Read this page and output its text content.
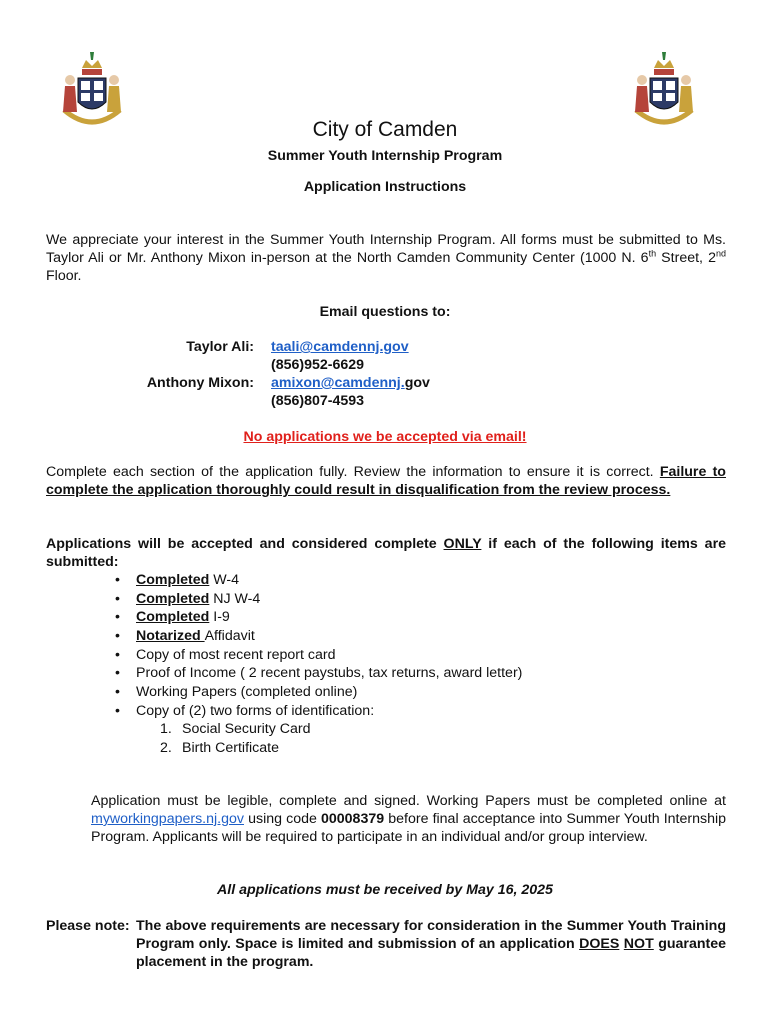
City of Camden
Summer Youth Internship Program
Application Instructions
We appreciate your interest in the Summer Youth Internship Program. All forms must be submitted to Ms. Taylor Ali or Mr. Anthony Mixon in-person at the North Camden Community Center (1000 N. 6th Street, 2nd Floor.
Email questions to:
Taylor Ali: taali@camdennj.gov
(856)952-6629
Anthony Mixon: amixon@camdennj.gov
(856)807-4593
No applications we be accepted via email!
Complete each section of the application fully. Review the information to ensure it is correct. Failure to complete the application thoroughly could result in disqualification from the review process.
Applications will be accepted and considered complete ONLY if each of the following items are submitted:
• Completed W-4
• Completed NJ W-4
• Completed I-9
• Notarized Affidavit
• Copy of most recent report card
• Proof of Income ( 2 recent paystubs, tax returns, award letter)
• Working Papers (completed online)
• Copy of (2) two forms of identification:
1. Social Security Card
2. Birth Certificate
Application must be legible, complete and signed. Working Papers must be completed online at myworkingpapers.nj.gov using code 00008379 before final acceptance into Summer Youth Internship Program. Applicants will be required to participate in an individual and/or group interview.
All applications must be received by May 16, 2025
Please note: The above requirements are necessary for consideration in the Summer Youth Training Program only. Space is limited and submission of an application DOES NOT guarantee placement in the program.
